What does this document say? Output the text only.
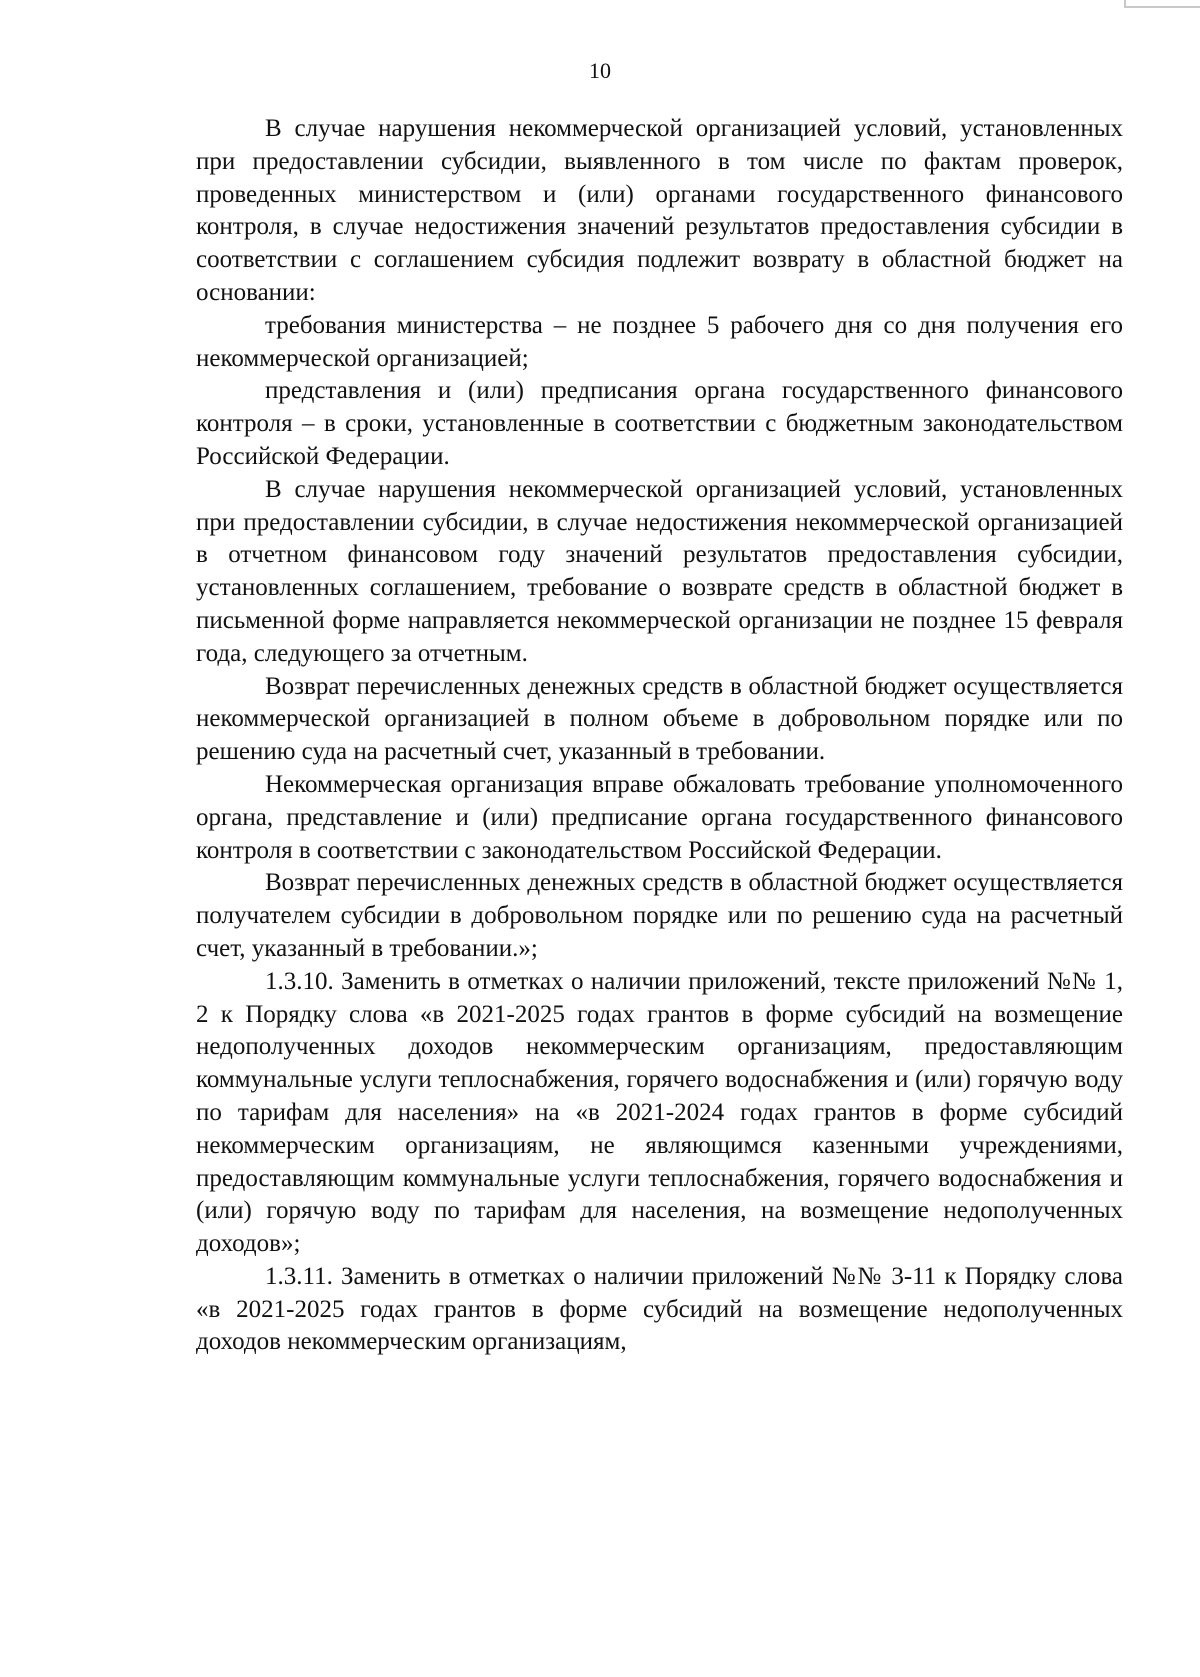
10

В случае нарушения некоммерческой организацией условий, установленных при предоставлении субсидии, выявленного в том числе по фактам проверок, проведенных министерством и (или) органами государственного финансового контроля, в случае недостижения значений результатов предоставления субсидии в соответствии с соглашением субсидия подлежит возврату в областной бюджет на основании:

требования министерства – не позднее 5 рабочего дня со дня получения его некоммерческой организацией;

представления и (или) предписания органа государственного финансового контроля – в сроки, установленные в соответствии с бюджетным законодательством Российской Федерации.

В случае нарушения некоммерческой организацией условий, установленных при предоставлении субсидии, в случае недостижения некоммерческой организацией в отчетном финансовом году значений результатов предоставления субсидии, установленных соглашением, требование о возврате средств в областной бюджет в письменной форме направляется некоммерческой организации не позднее 15 февраля года, следующего за отчетным.

Возврат перечисленных денежных средств в областной бюджет осуществляется некоммерческой организацией в полном объеме в добровольном порядке или по решению суда на расчетный счет, указанный в требовании.

Некоммерческая организация вправе обжаловать требование уполномоченного органа, представление и (или) предписание органа государственного финансового контроля в соответствии с законодательством Российской Федерации.

Возврат перечисленных денежных средств в областной бюджет осуществляется получателем субсидии в добровольном порядке или по решению суда на расчетный счет, указанный в требовании.»;

1.3.10. Заменить в отметках о наличии приложений, тексте приложений №№ 1, 2 к Порядку слова «в 2021-2025 годах грантов в форме субсидий на возмещение недополученных доходов некоммерческим организациям, предоставляющим коммунальные услуги теплоснабжения, горячего водоснабжения и (или) горячую воду по тарифам для населения» на «в 2021-2024 годах грантов в форме субсидий некоммерческим организациям, не являющимся казенными учреждениями, предоставляющим коммунальные услуги теплоснабжения, горячего водоснабжения и (или) горячую воду по тарифам для населения, на возмещение недополученных доходов»;

1.3.11. Заменить в отметках о наличии приложений №№ 3-11 к Порядку слова «в 2021-2025 годах грантов в форме субсидий на возмещение недополученных доходов некоммерческим организациям,
